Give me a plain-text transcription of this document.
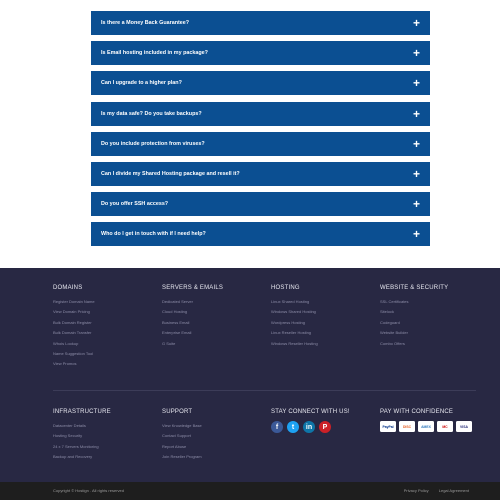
Is there a Money Back Guarantee?	+
Is Email hosting included in my package?	+
Can I upgrade to a higher plan?	+
Is my data safe? Do you take backups?	+
Do you include protection from viruses?	+
Can I divide my Shared Hosting package and resell it?	+
Do you offer SSH access?	+
Who do I get in touch with if I need help?	+
DOMAINS
Register Domain Name
View Domain Pricing
Bulk Domain Register
Bulk Domain Transfer
Whois Lookup
Name Suggestion Tool
View Promos
SERVERS & EMAILS
Dedicated Server
Cloud Hosting
Business Email
Enterprise Email
G Suite
HOSTING
Linux Shared Hosting
Windows Shared Hosting
Wordpress Hosting
Linux Reseller Hosting
Windows Reseller Hosting
WEBSITE & SECURITY
SSL Certificates
Sitelock
Codeguard
Website Builder
Combo Offers
INFRASTRUCTURE
Datacenter Details
Hosting Security
24 x 7 Servers Monitoring
Backup and Recovery
SUPPORT
View Knowledge Base
Contact Support
Report Abuse
Join Reseller Program
STAY CONNECT WITH US!
f	t	in	P
PAY WITH CONFIDENCE
PayPal	DISC	AMEX	MC	VISA
Copyright © Hostign . All rights reserved	Privacy Policy	Legal Agreement
